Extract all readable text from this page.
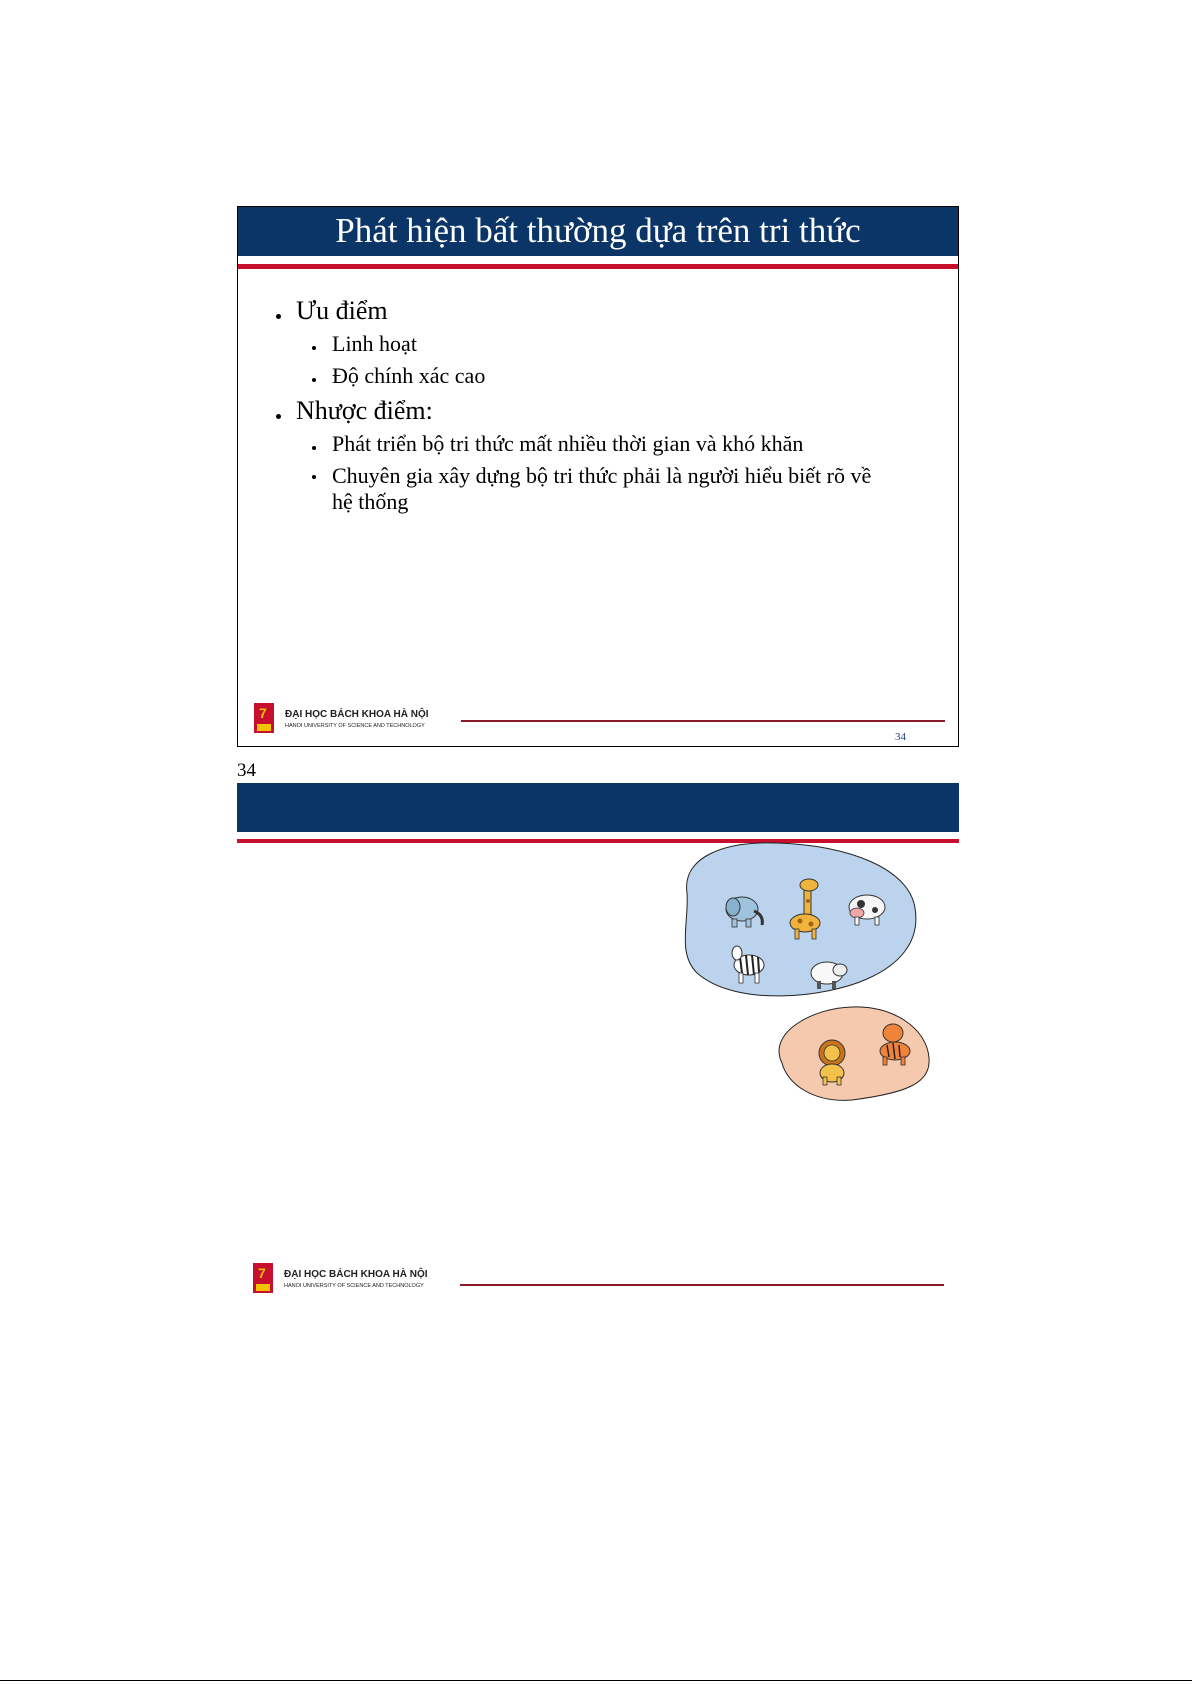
Phát hiện bất thường dựa trên tri thức
Ưu điểm
Linh hoạt
Độ chính xác cao
Nhược điểm:
Phát triển bộ tri thức mất nhiều thời gian và khó khăn
Chuyên gia xây dựng bộ tri thức phải là người hiểu biết rõ về hệ thống
7 ĐẠI HỌC BÁCH KHOA HÀ NỘI
HANOI UNIVERSITY OF SCIENCE AND TECHNOLOGY
34
34
7 ĐẠI HỌC BÁCH KHOA HÀ NỘI
HANOI UNIVERSITY OF SCIENCE AND TECHNOLOGY
